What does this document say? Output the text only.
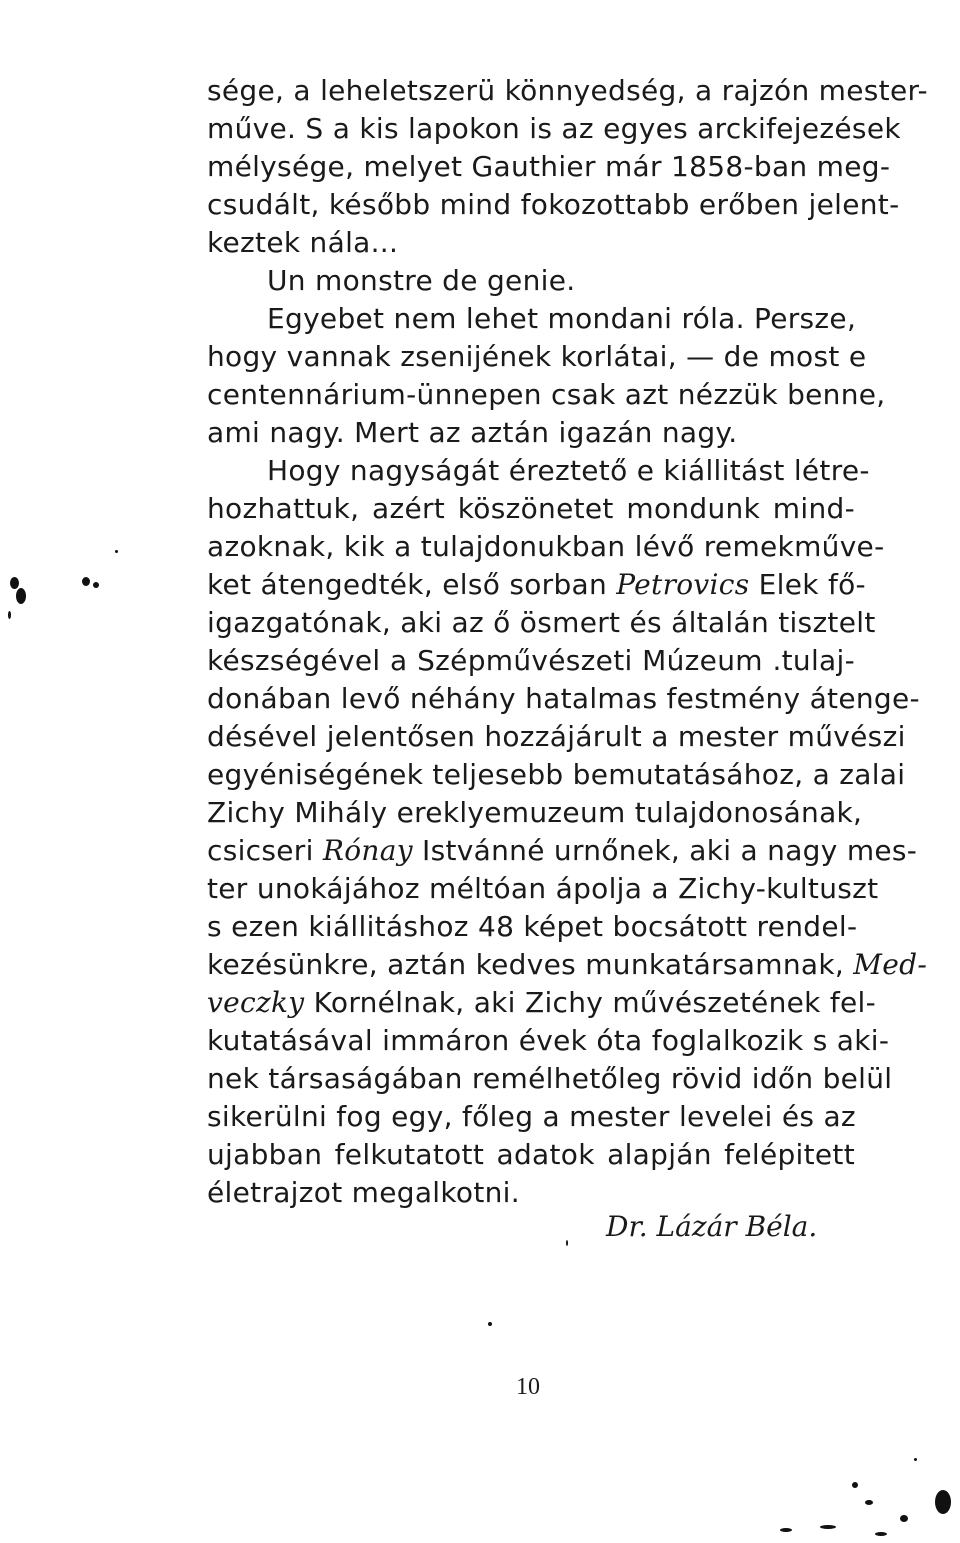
sége, a leheletszerü könnyedség, a rajzón mester-
műve. S a kis lapokon is az egyes arckifejezések
mélysége, melyet Gauthier már 1858-ban meg-
csudált, később mind fokozottabb erőben jelent-
keztek nála...
Un monstre de genie.
Egyebet nem lehet mondani róla. Persze,
hogy vannak zsenijének korlátai, — de most e
centennárium-ünnepen csak azt nézzük benne,
ami nagy. Mert az aztán igazán nagy.
Hogy nagyságát éreztető e kiállitást létre-
hozhattuk, azért köszönetet mondunk mind-
azoknak, kik a tulajdonukban lévő remekműve-
ket átengedték, első sorban Petrovics Elek fő-
igazgatónak, aki az ő ösmert és általán tisztelt
készségével a Szépművészeti Múzeum .tulaj-
donában levő néhány hatalmas festmény átenge-
désével jelentősen hozzájárult a mester művészi
egyéniségének teljesebb bemutatásához, a zalai
Zichy Mihály ereklyemuzeum tulajdonosának,
csicseri Rónay Istvánné urnőnek, aki a nagy mes-
ter unokájához méltóan ápolja a Zichy-kultuszt
s ezen kiállitáshoz 48 képet bocsátott rendel-
kezésünkre, aztán kedves munkatársamnak, Med-
veczky Kornélnak, aki Zichy művészetének fel-
kutatásával immáron évek óta foglalkozik s aki-
nek társaságában remélhetőleg rövid időn belül
sikerülni fog egy, főleg a mester levelei és az
ujabban felkutatott adatok alapján felépitett
életrajzot megalkotni.
Dr. Lázár Béla.
10
